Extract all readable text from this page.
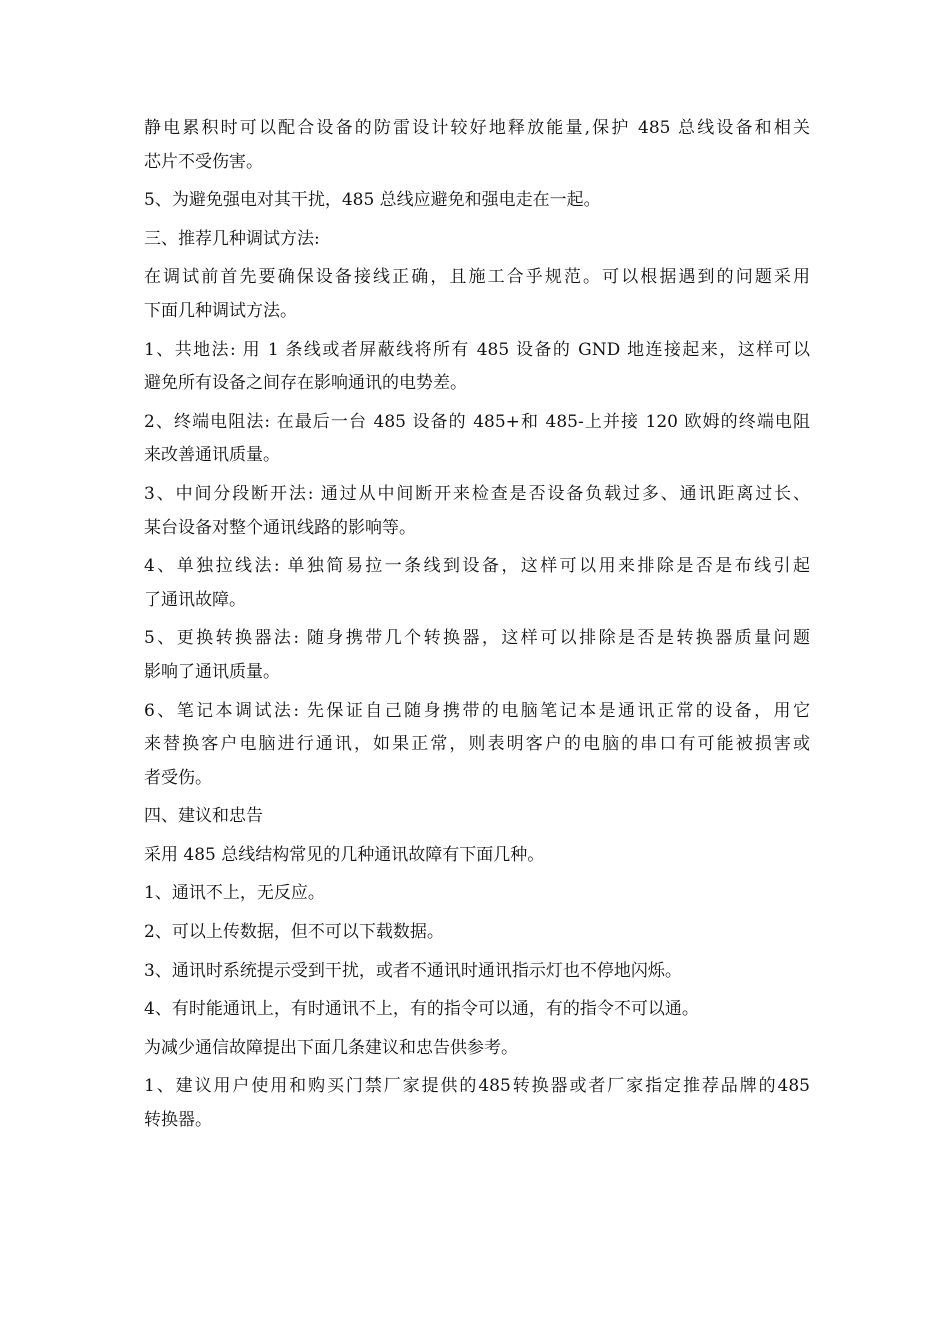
静电累积时可以配合设备的防雷设计较好地释放能量,保护 485 总线设备和相关
芯片不受伤害。
5、为避免强电对其干扰，485 总线应避免和强电走在一起。
三、推荐几种调试方法:
在调试前首先要确保设备接线正确，且施工合乎规范。可以根据遇到的问题采用
下面几种调试方法。
1、共地法: 用 1 条线或者屏蔽线将所有 485 设备的 GND 地连接起来，这样可以
避免所有设备之间存在影响通讯的电势差。
2、终端电阻法: 在最后一台 485 设备的 485+和 485-上并接 120 欧姆的终端电阻
来改善通讯质量。
3、中间分段断开法: 通过从中间断开来检查是否设备负载过多、通讯距离过长、
某台设备对整个通讯线路的影响等。
4、单独拉线法: 单独简易拉一条线到设备，这样可以用来排除是否是布线引起
了通讯故障。
5、更换转换器法: 随身携带几个转换器，这样可以排除是否是转换器质量问题
影响了通讯质量。
6、笔记本调试法: 先保证自己随身携带的电脑笔记本是通讯正常的设备，用它
来替换客户电脑进行通讯，如果正常，则表明客户的电脑的串口有可能被损害或
者受伤。
四、建议和忠告
采用 485 总线结构常见的几种通讯故障有下面几种。
1、通讯不上，无反应。
2、可以上传数据，但不可以下载数据。
3、通讯时系统提示受到干扰，或者不通讯时通讯指示灯也不停地闪烁。
4、有时能通讯上，有时通讯不上，有的指令可以通，有的指令不可以通。
为减少通信故障提出下面几条建议和忠告供参考。
1、建议用户使用和购买门禁厂家提供的485转换器或者厂家指定推荐品牌的485
转换器。
